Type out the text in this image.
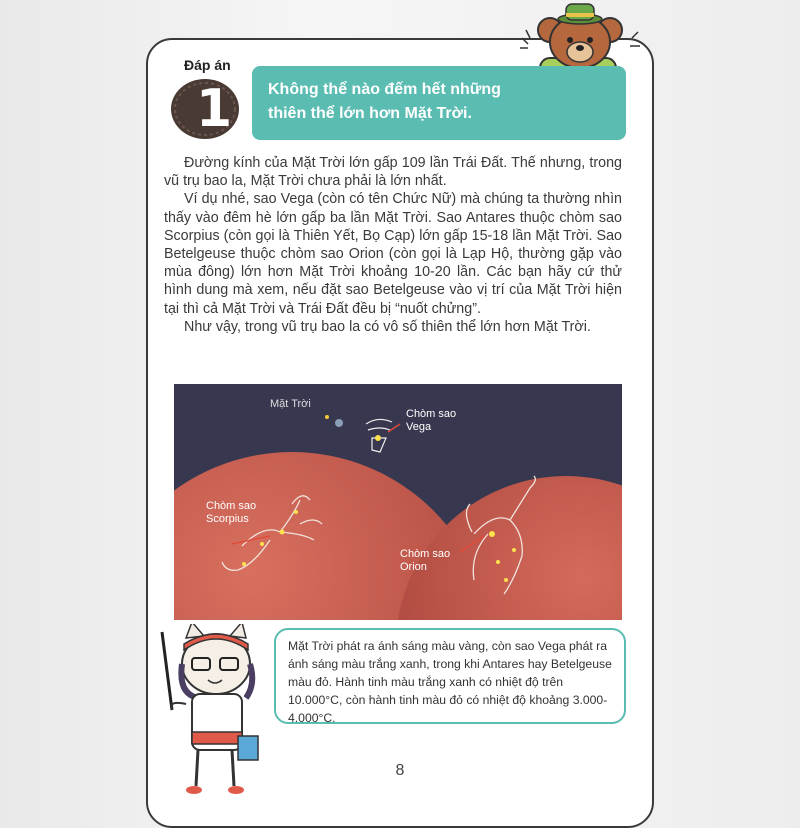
Đáp án
1 Không thể nào đếm hết những
thiên thể lớn hơn Mặt Trời.

Đường kính của Mặt Trời lớn gấp 109 lần Trái Đất. Thế nhưng, trong vũ trụ bao la, Mặt Trời chưa phải là lớn nhất.

Ví dụ nhé, sao Vega (còn có tên Chức Nữ) mà chúng ta thường nhìn thấy vào đêm hè lớn gấp ba lần Mặt Trời. Sao Antares thuộc chòm sao Scorpius (còn gọi là Thiên Yết, Bọ Cạp) lớn gấp 15-18 lần Mặt Trời. Sao Betelgeuse thuộc chòm sao Orion (còn gọi là Lạp Hộ, thường gặp vào mùa đông) lớn hơn Mặt Trời khoảng 10-20 lần. Các bạn hãy cứ thử hình dung mà xem, nếu đặt sao Betelgeuse vào vị trí của Mặt Trời hiện tại thì cả Mặt Trời và Trái Đất đều bị “nuốt chửng”.

Như vậy, trong vũ trụ bao la có vô số thiên thể lớn hơn Mặt Trời.

Mặt Trời
Chòm sao
Vega
Chòm sao
Scorpius
Chòm sao
Orion
Mặt Trời phát ra ánh sáng màu vàng, còn sao Vega phát ra ánh sáng màu trắng xanh, trong khi Antares hay Betelgeuse màu đỏ. Hành tinh màu trắng xanh có nhiệt độ trên 10.000°C, còn hành tinh màu đỏ có nhiệt độ khoảng 3.000-4.000°C.
8
